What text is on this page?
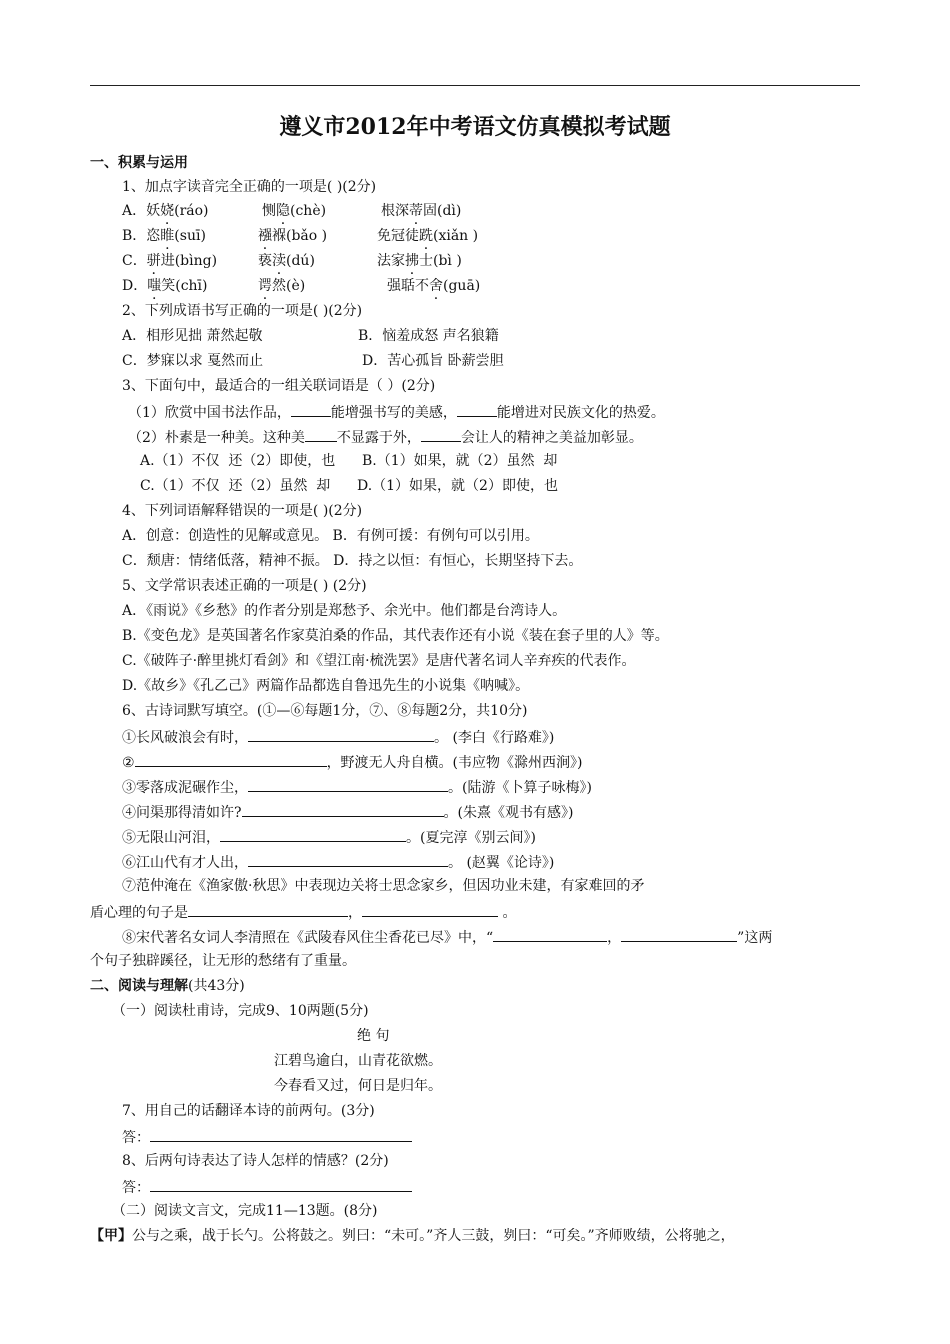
遵义市2012年中考语文仿真模拟考试题
一、积累与运用
1、加点字读音完全正确的一项是( )(2分)
A．妖娆(ráo)	恻隐(chè)	根深蒂固(dì)
B．恣睢(suī)	襁褓(bǎo )	免冠徒跣(xiǎn )
C．骈进(bìng)	亵渎(dú)	法家拂士(bì )
D．嗤笑(chī)	谔然(è)	强聒不舍(guā)
2、下列成语书写正确的一项是( )(2分)
A．相形见拙 萧然起敬	B．恼羞成怒 声名狼籍
C．梦寐以求 戛然而止	D．苦心孤旨 卧薪尝胆
3、下面句中，最适合的一组关联词语是（ ）(2分)
（1）欣赏中国书法作品，	能增强书写的美感，	能增进对民族文化的热爱。
（2）朴素是一种美。这种美 不显露于外，	会让人的精神之美益加彰显。
A.（1）不仅  还（2）即使，也      B.（1）如果，就（2）虽然  却
C.（1）不仅  还（2）虽然  却      D.（1）如果，就（2）即使，也
4、下列词语解释错误的一项是( )(2分)
A．创意：创造性的见解或意见。 B．有例可援：有例句可以引用。
C．颓唐：情绪低落，精神不振。 D．持之以恒：有恒心，长期坚持下去。
5、文学常识表述正确的一项是( ) (2分)
A．《雨说》《乡愁》的作者分别是郑愁予、余光中。他们都是台湾诗人。
B.《变色龙》是英国著名作家莫泊桑的作品，其代表作还有小说《装在套子里的人》等。
C.《破阵子·醉里挑灯看剑》和《望江南·梳洗罢》是唐代著名词人辛弃疾的代表作。
D.《故乡》《孔乙己》两篇作品都选自鲁迅先生的小说集《呐喊》。
6、古诗词默写填空。(①—⑥每题1分，⑦、⑧每题2分，共10分)
①长风破浪会有时，	。 (李白《行路难》)
②	，野渡无人舟自横。(韦应物《滁州西涧》)
③零落成泥碾作尘，	。(陆游《卜算子咏梅》)
④问渠那得清如许?	。(朱熹《观书有感》)
⑤无限山河泪，	。(夏完淳《别云间》)
⑥江山代有才人出，	。 (赵翼《论诗》)
⑦范仲淹在《渔家傲·秋思》中表现边关将士思念家乡，但因功业未建，有家难回的矛
盾心理的句子是	，	。
⑧宋代著名女词人李清照在《武陵春风住尘香花已尽》中，“	，	”这两
个句子独辟蹊径，让无形的愁绪有了重量。
二、阅读与理解(共43分)
（一）阅读杜甫诗，完成9、10两题(5分)
绝 句
江碧鸟逾白，山青花欲燃。
今春看又过，何日是归年。
7、用自己的话翻译本诗的前两句。(3分)
答：
8、后两句诗表达了诗人怎样的情感？(2分)
答：
（二）阅读文言文，完成11—13题。(8分)
【甲】公与之乘，战于长勺。公将鼓之。刿曰：“未可。”齐人三鼓，刿曰：“可矣。”齐师败绩，公将驰之，
